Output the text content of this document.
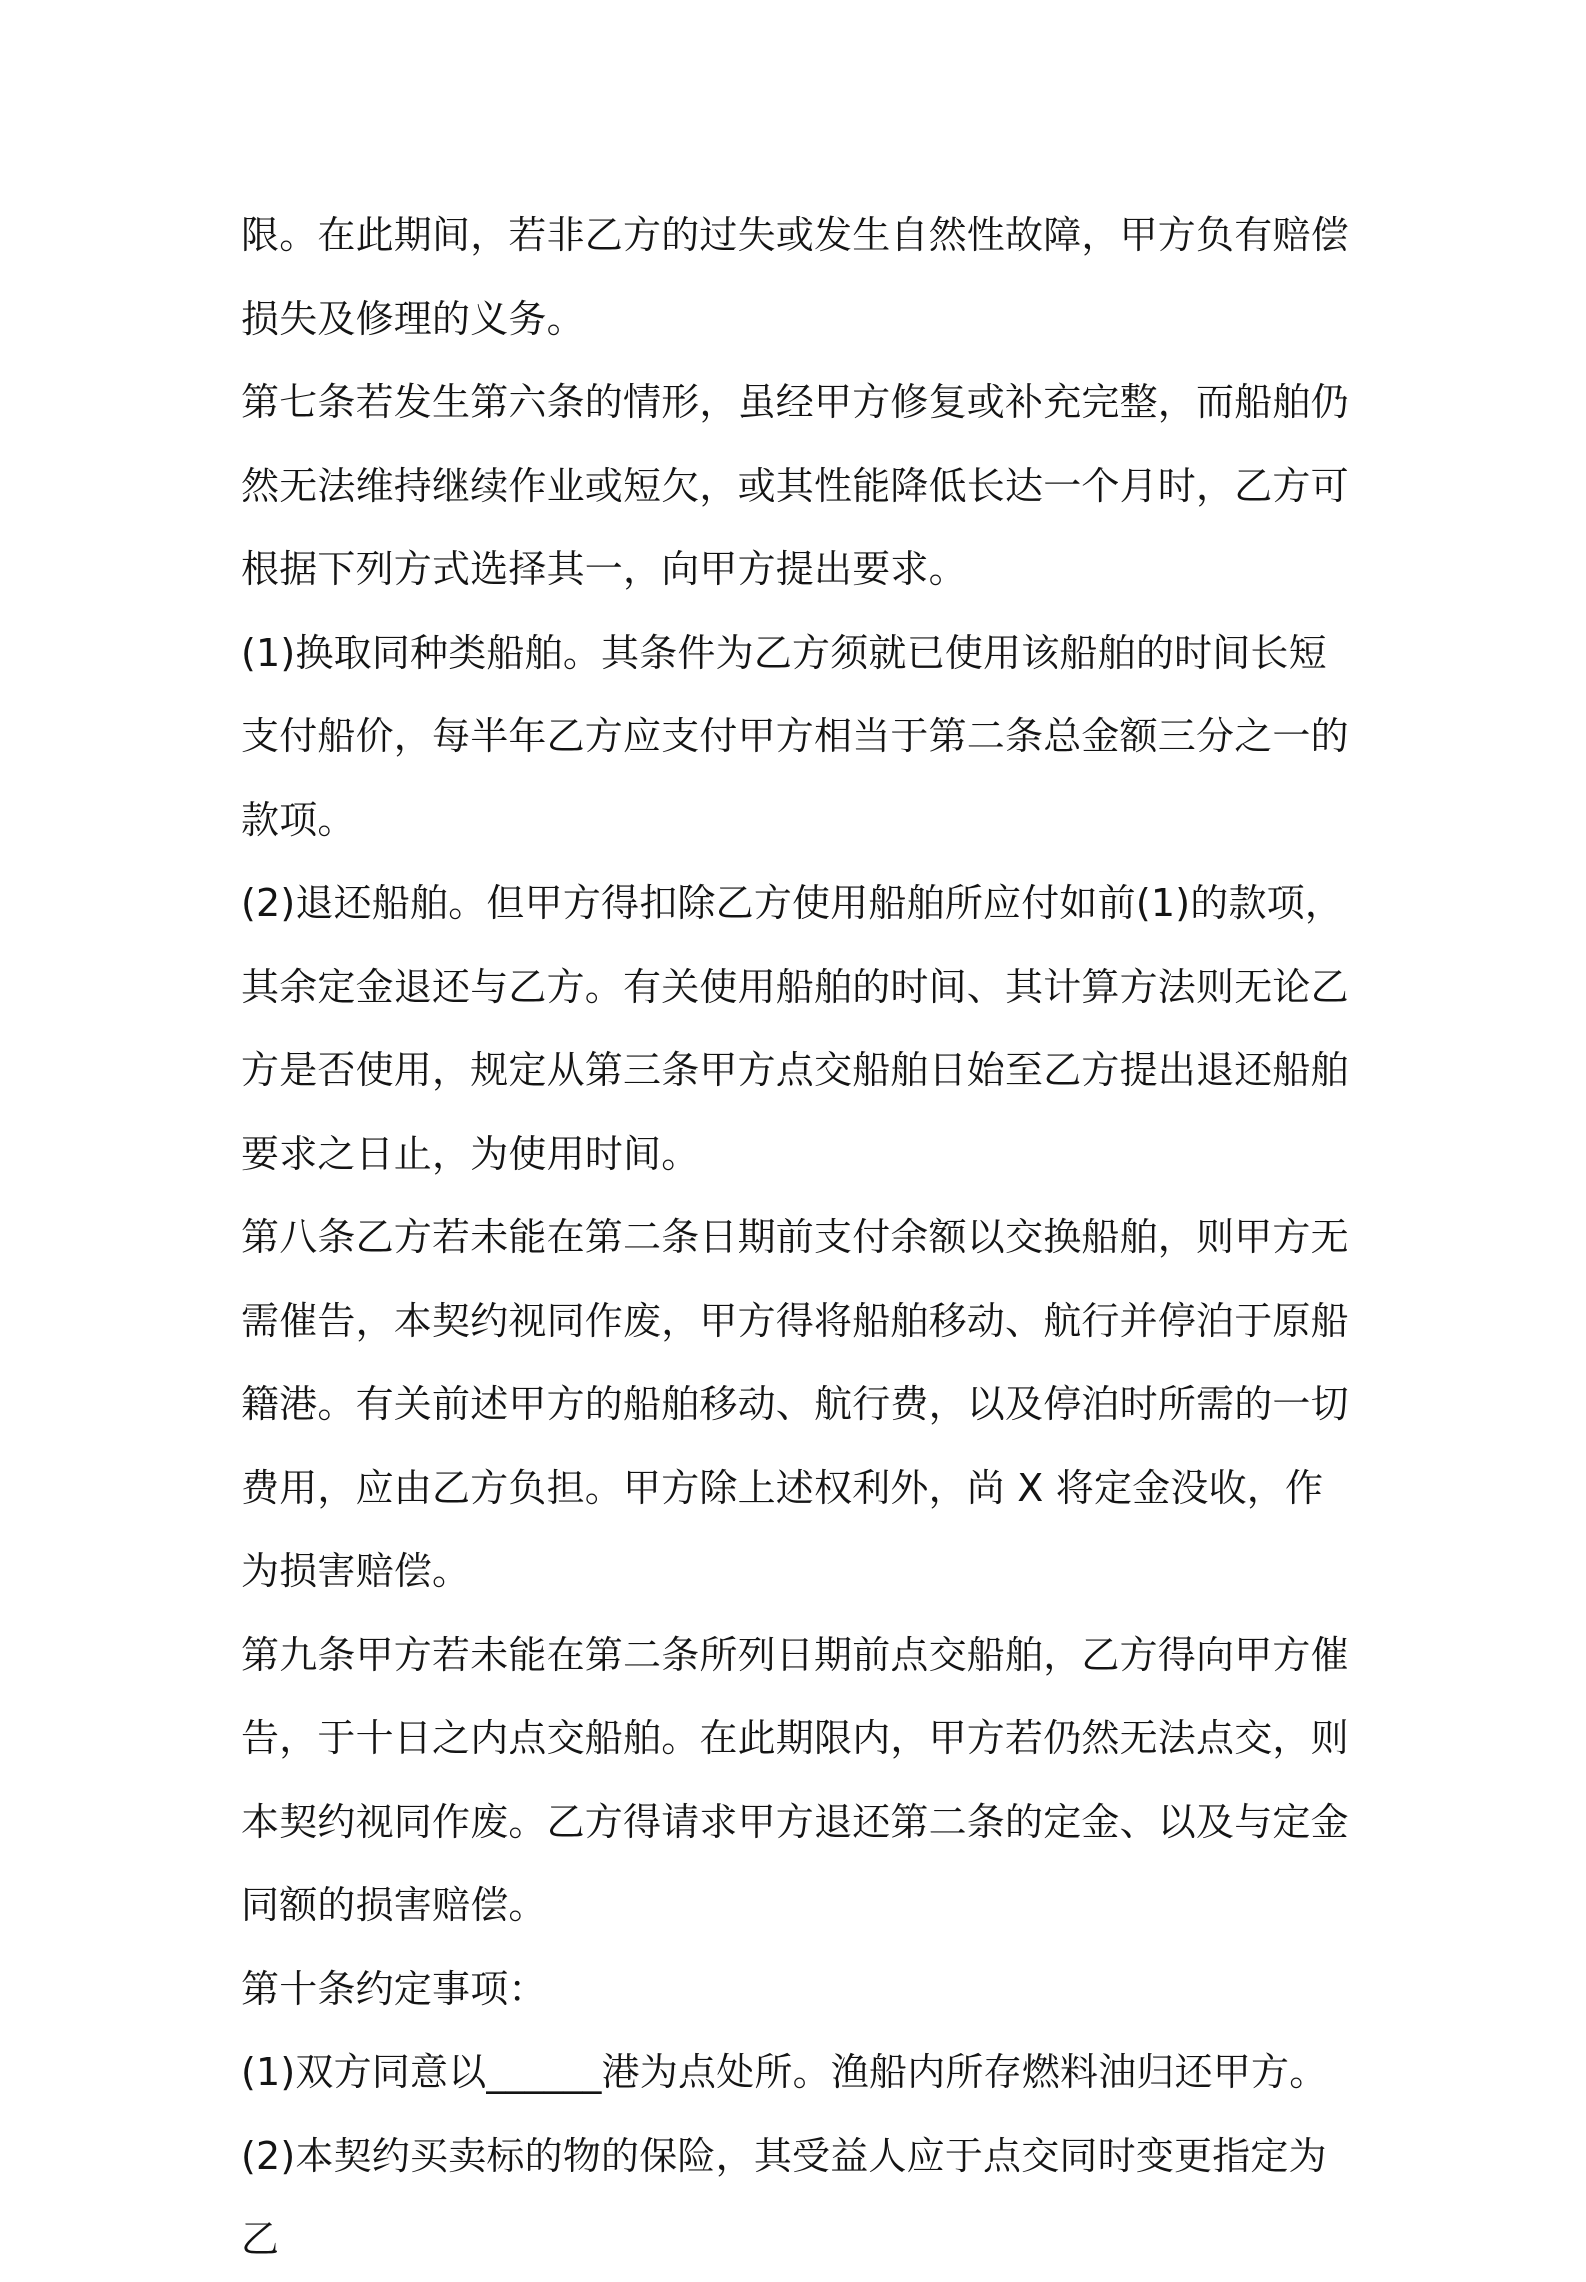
限。在此期间，若非乙方的过失或发生自然性故障，甲方负有赔偿损失及修理的义务。

第七条若发生第六条的情形，虽经甲方修复或补充完整，而船舶仍然无法维持继续作业或短欠，或其性能降低长达一个月时，乙方可根据下列方式选择其一，向甲方提出要求。

(1)换取同种类船舶。其条件为乙方须就已使用该船舶的时间长短支付船价，每半年乙方应支付甲方相当于第二条总金额三分之一的款项。

(2)退还船舶。但甲方得扣除乙方使用船舶所应付如前(1)的款项，其余定金退还与乙方。有关使用船舶的时间、其计算方法则无论乙方是否使用，规定从第三条甲方点交船舶日始至乙方提出退还船舶要求之日止，为使用时间。

第八条乙方若未能在第二条日期前支付余额以交换船舶，则甲方无需催告，本契约视同作废，甲方得将船舶移动、航行并停泊于原船籍港。有关前述甲方的船舶移动、航行费，以及停泊时所需的一切费用，应由乙方负担。甲方除上述权利外，尚 X 将定金没收，作为损害赔偿。

第九条甲方若未能在第二条所列日期前点交船舶，乙方得向甲方催告，于十日之内点交船舶。在此期限内，甲方若仍然无法点交，则本契约视同作废。乙方得请求甲方退还第二条的定金、以及与定金同额的损害赔偿。

第十条约定事项：

(1)双方同意以______港为点处所。渔船内所存燃料油归还甲方。

(2)本契约买卖标的物的保险，其受益人应于点交同时变更指定为乙
